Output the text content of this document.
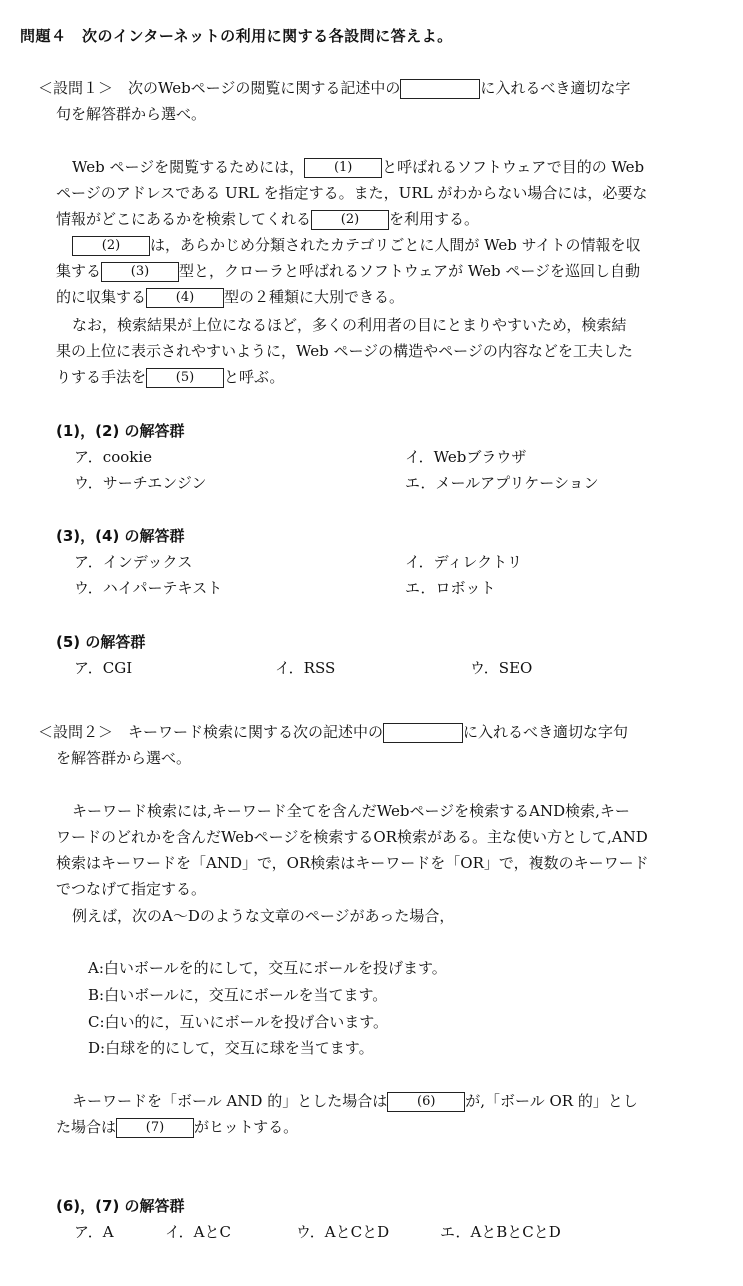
問題４　次のインターネットの利用に関する各設問に答えよ。
＜設問１＞　次のWebページの閲覧に関する記述中の	に入れるべき適切な字
句を解答群から選べ。
Web ページを閲覧するためには， (1) と呼ばれるソフトウェアで目的の Web
ページのアドレスである URL を指定する。また，URL がわからない場合には，必要な
情報がどこにあるかを検索してくれる (2) を利用する。
(2) は，あらかじめ分類されたカテゴリごとに人間が Web サイトの情報を収
集する (3) 型と，クローラと呼ばれるソフトウェアが Web ページを巡回し自動
的に収集する (4) 型の２種類に大別できる。
なお，検索結果が上位になるほど，多くの利用者の目にとまりやすいため，検索結
果の上位に表示されやすいように，Web ページの構造やページの内容などを工夫した
りする手法を (5) と呼ぶ。
(1)，(2) の解答群
ア．cookie	イ．Webブラウザ
ウ．サーチエンジン	エ．メールアプリケーション
(3)，(4) の解答群
ア．インデックス	イ．ディレクトリ
ウ．ハイパーテキスト	エ．ロボット
(5) の解答群
ア．CGI	イ．RSS	ウ．SEO
＜設問２＞　キーワード検索に関する次の記述中の	に入れるべき適切な字句
を解答群から選べ。
キーワード検索には,キーワード全てを含んだWebページを検索するAND検索,キー
ワードのどれかを含んだWebページを検索するOR検索がある。主な使い方として,AND
検索はキーワードを「AND」で，OR検索はキーワードを「OR」で，複数のキーワード
でつなげて指定する。
例えば，次のA～Dのような文章のページがあった場合，
A:白いボールを的にして，交互にボールを投げます。
B:白いボールに，交互にボールを当てます。
C:白い的に，互いにボールを投げ合います。
D:白球を的にして，交互に球を当てます。
キーワードを「ボール AND 的」とした場合は (6) が,「ボール OR 的」とし
た場合は (7) がヒットする。
(6)，(7) の解答群
ア．A	イ．AとC	ウ．AとCとD	エ．AとBとCとD
